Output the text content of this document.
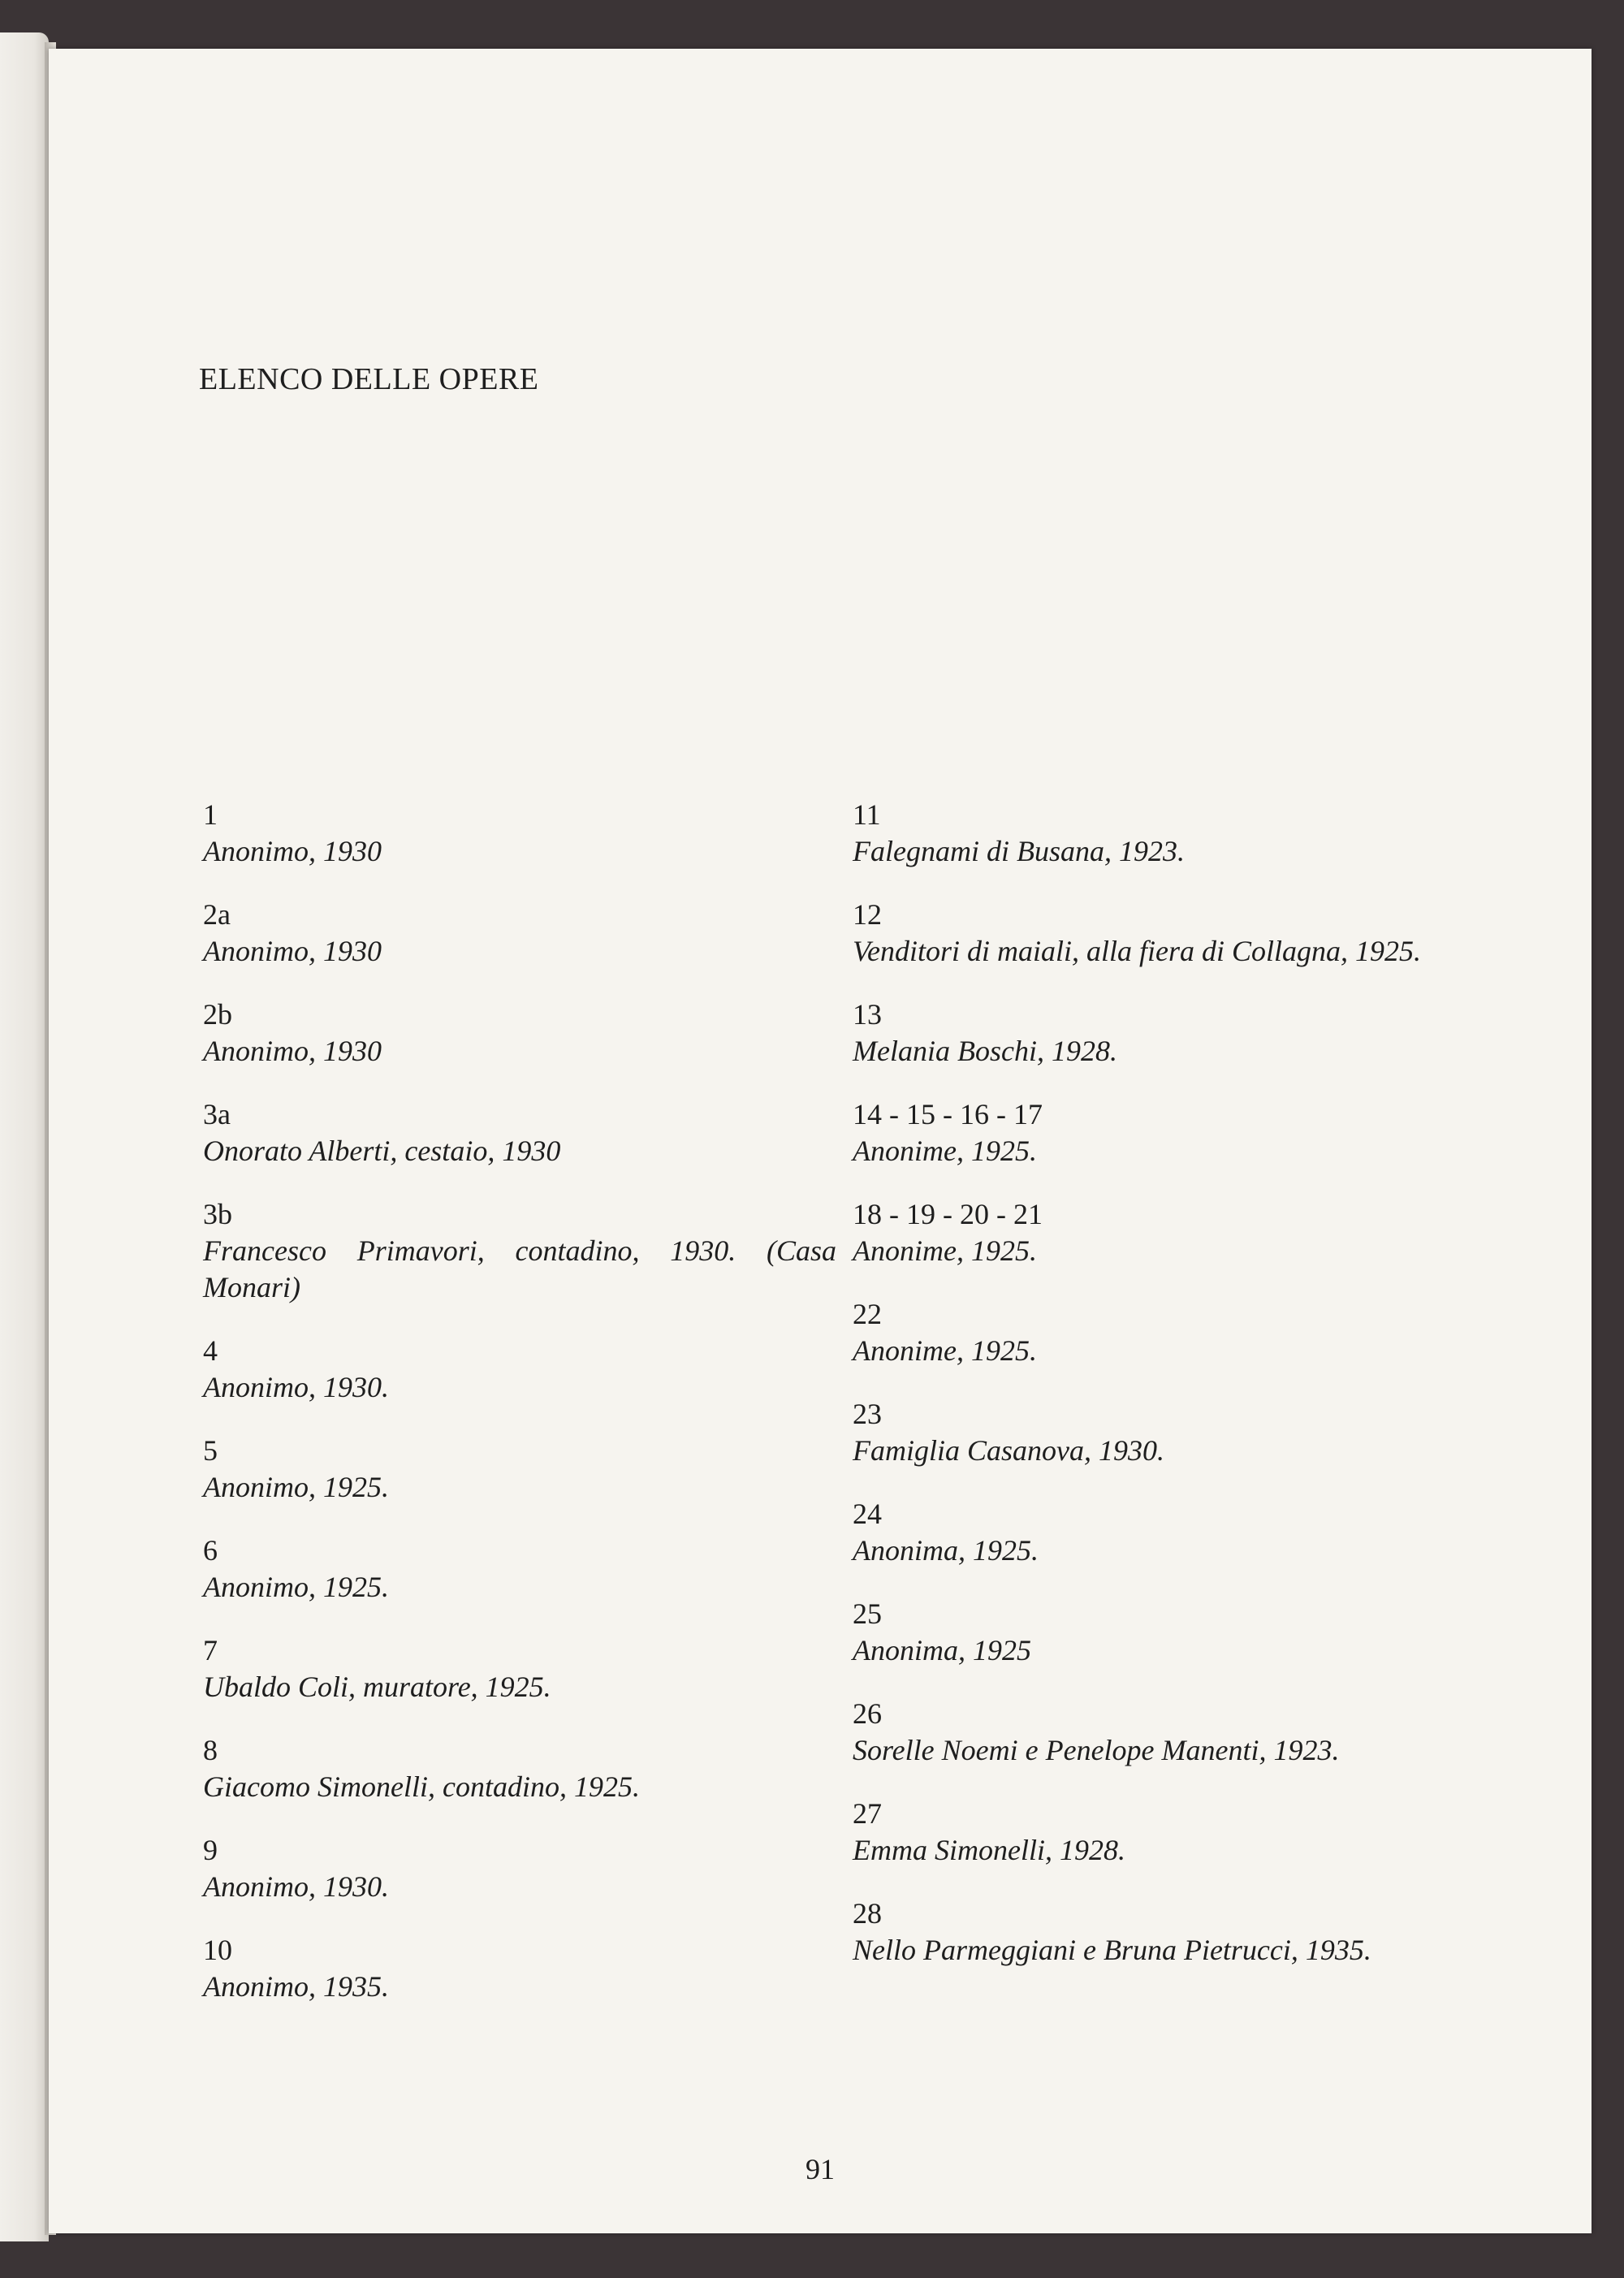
ELENCO DELLE OPERE
1
Anonimo, 1930
2a
Anonimo, 1930
2b
Anonimo, 1930
3a
Onorato Alberti, cestaio, 1930
3b
Francesco Primavori, contadino, 1930. (Casa Monari)
4
Anonimo, 1930.
5
Anonimo, 1925.
6
Anonimo, 1925.
7
Ubaldo Coli, muratore, 1925.
8
Giacomo Simonelli, contadino, 1925.
9
Anonimo, 1930.
10
Anonimo, 1935.
11
Falegnami di Busana, 1923.
12
Venditori di maiali, alla fiera di Collagna, 1925.
13
Melania Boschi, 1928.
14 - 15 - 16 - 17
Anonime, 1925.
18 - 19 - 20 - 21
Anonime, 1925.
22
Anonime, 1925.
23
Famiglia Casanova, 1930.
24
Anonima, 1925.
25
Anonima, 1925
26
Sorelle Noemi e Penelope Manenti, 1923.
27
Emma Simonelli, 1928.
28
Nello Parmeggiani e Bruna Pietrucci, 1935.
91
